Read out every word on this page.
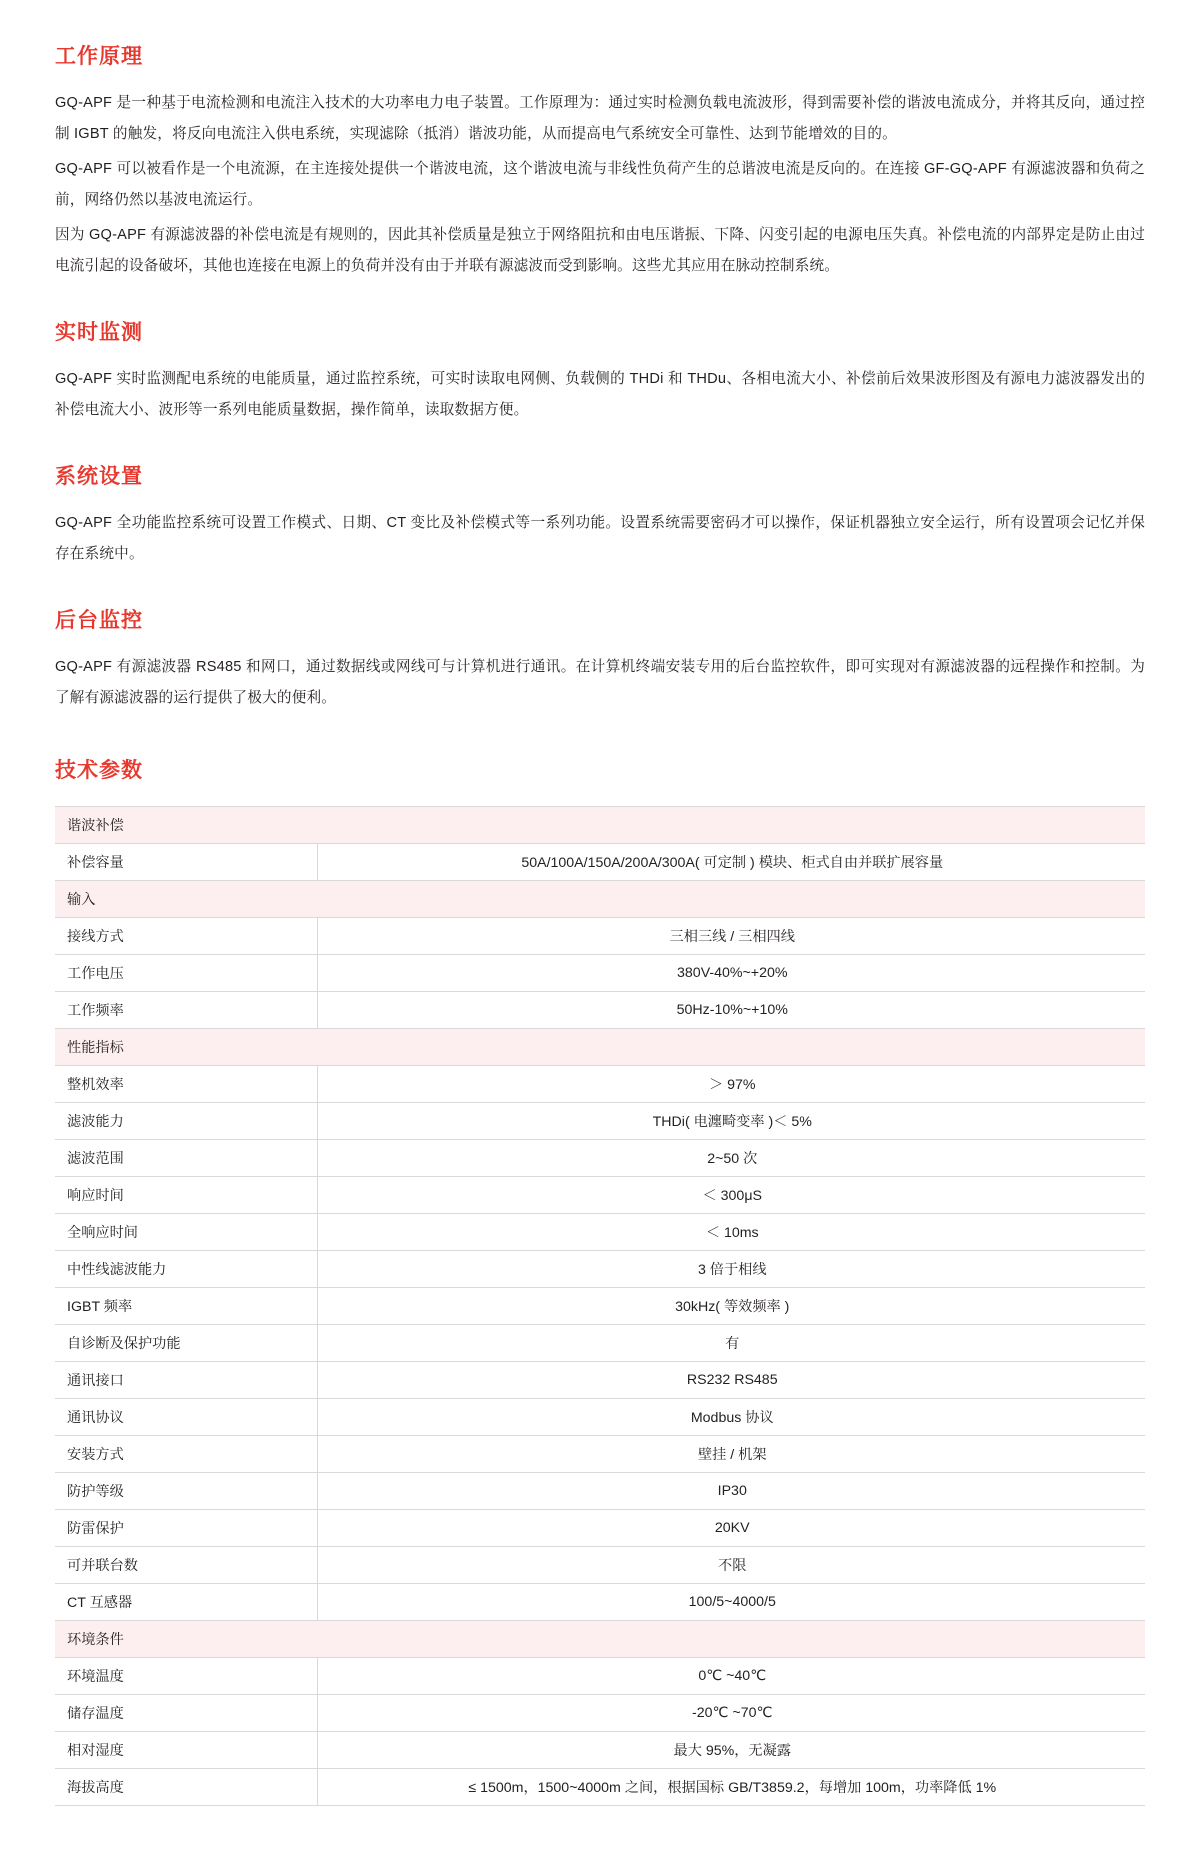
工作原理

GQ-APF 是一种基于电流检测和电流注入技术的大功率电力电子装置。工作原理为：通过实时检测负载电流波形，得到需要补偿的谐波电流成分，并将其反向，通过控制 IGBT 的触发，将反向电流注入供电系统，实现滤除（抵消）谐波功能，从而提高电气系统安全可靠性、达到节能增效的目的。

GQ-APF 可以被看作是一个电流源，在主连接处提供一个谐波电流，这个谐波电流与非线性负荷产生的总谐波电流是反向的。在连接 GF-GQ-APF 有源滤波器和负荷之前，网络仍然以基波电流运行。

因为 GQ-APF 有源滤波器的补偿电流是有规则的，因此其补偿质量是独立于网络阻抗和由电压谐振、下降、闪变引起的电源电压失真。补偿电流的内部界定是防止由过电流引起的设备破坏，其他也连接在电源上的负荷并没有由于并联有源滤波而受到影响。这些尤其应用在脉动控制系统。

实时监测

GQ-APF 实时监测配电系统的电能质量，通过监控系统，可实时读取电网侧、负载侧的 THDi 和 THDu、各相电流大小、补偿前后效果波形图及有源电力滤波器发出的补偿电流大小、波形等一系列电能质量数据，操作简单，读取数据方便。

系统设置

GQ-APF 全功能监控系统可设置工作模式、日期、CT 变比及补偿模式等一系列功能。设置系统需要密码才可以操作，保证机器独立安全运行，所有设置项会记忆并保存在系统中。

后台监控

GQ-APF 有源滤波器 RS485 和网口，通过数据线或网线可与计算机进行通讯。在计算机终端安装专用的后台监控软件，即可实现对有源滤波器的远程操作和控制。为了解有源滤波器的运行提供了极大的便利。

技术参数
谐波补偿	
补偿容量	50A/100A/150A/200A/300A( 可定制 ) 模块、柜式自由并联扩展容量
输入	
接线方式	三相三线 / 三相四线
工作电压	380V-40%~+20%
工作频率	50Hz-10%~+10%
性能指标	
整机效率	＞ 97%
滤波能力	THDi( 电瀍畸变率 )＜ 5%
滤波范围	2~50 次
响应时间	＜ 300μS
全响应时间	＜ 10ms
中性线滤波能力	3 倍于相线
IGBT 频率	30kHz( 等效频率 )
自诊断及保护功能	有
通讯接口	RS232 RS485
通讯协议	Modbus 协议
安装方式	壁挂 / 机架
防护等级	IP30
防雷保护	20KV
可并联台数	不限
CT 互感器	100/5~4000/5
环境条件	
环境温度	0℃ ~40℃
储存温度	-20℃ ~70℃
相对湿度	最大 95%，无凝露
海拔高度	≤ 1500m，1500~4000m 之间，根据国标 GB/T3859.2，每增加 100m，功率降低 1%
